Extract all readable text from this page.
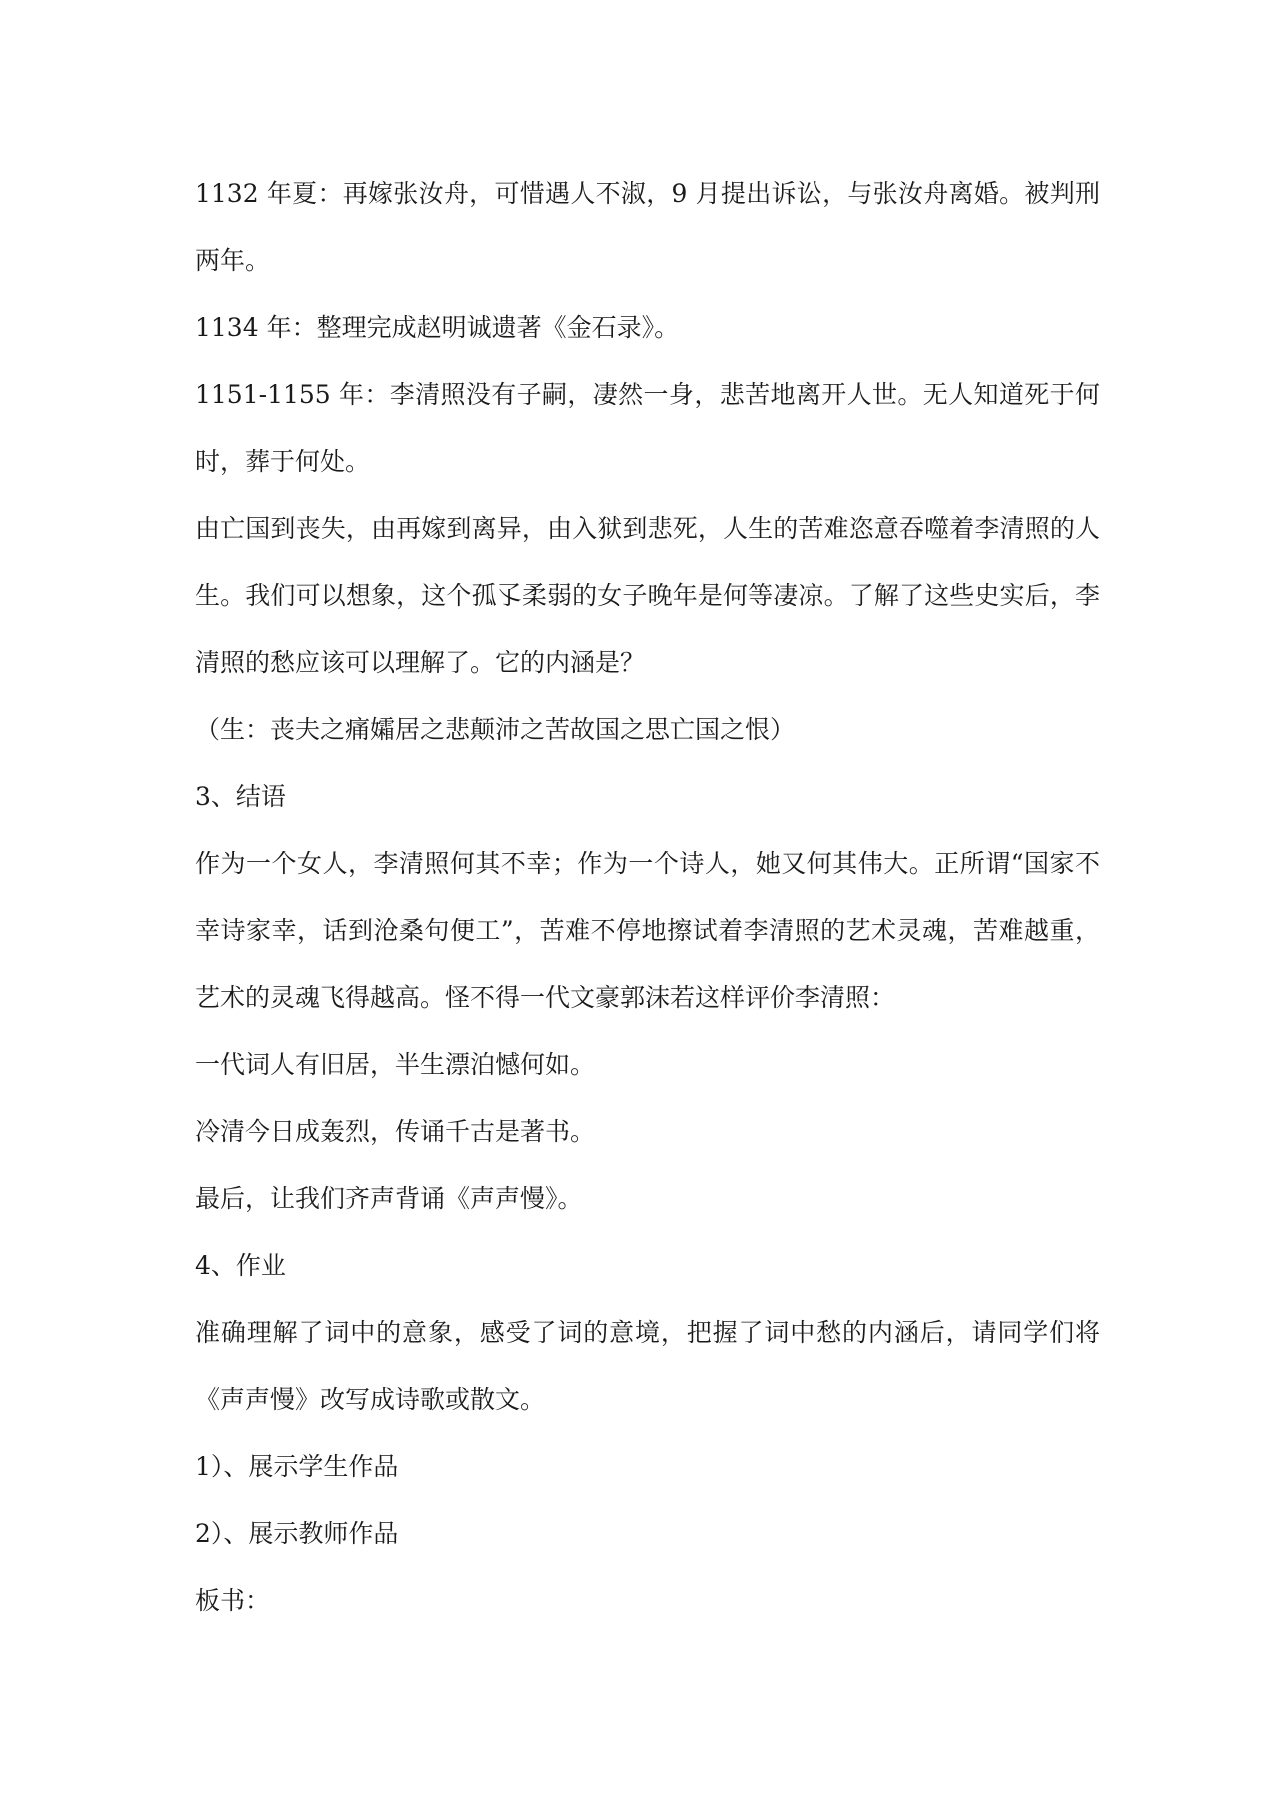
1132 年夏：再嫁张汝舟，可惜遇人不淑，9 月提出诉讼，与张汝舟离婚。被判刑两年。

1134 年：整理完成赵明诚遗著《金石录》。

1151-1155 年：李清照没有子嗣，凄然一身，悲苦地离开人世。无人知道死于何时，葬于何处。

由亡国到丧失，由再嫁到离异，由入狱到悲死，人生的苦难恣意吞噬着李清照的人生。我们可以想象，这个孤孓柔弱的女子晚年是何等凄凉。了解了这些史实后，李清照的愁应该可以理解了。它的内涵是？

（生：丧夫之痛孀居之悲颠沛之苦故国之思亡国之恨）

3、结语

作为一个女人，李清照何其不幸；作为一个诗人，她又何其伟大。正所谓“国家不幸诗家幸，话到沧桑句便工”，苦难不停地擦试着李清照的艺术灵魂，苦难越重，艺术的灵魂飞得越高。怪不得一代文豪郭沫若这样评价李清照：

一代词人有旧居，半生漂泊憾何如。

冷清今日成轰烈，传诵千古是著书。

最后，让我们齐声背诵《声声慢》。

4、作业

准确理解了词中的意象，感受了词的意境，把握了词中愁的内涵后，请同学们将《声声慢》改写成诗歌或散文。

1）、展示学生作品

2）、展示教师作品

板书：
